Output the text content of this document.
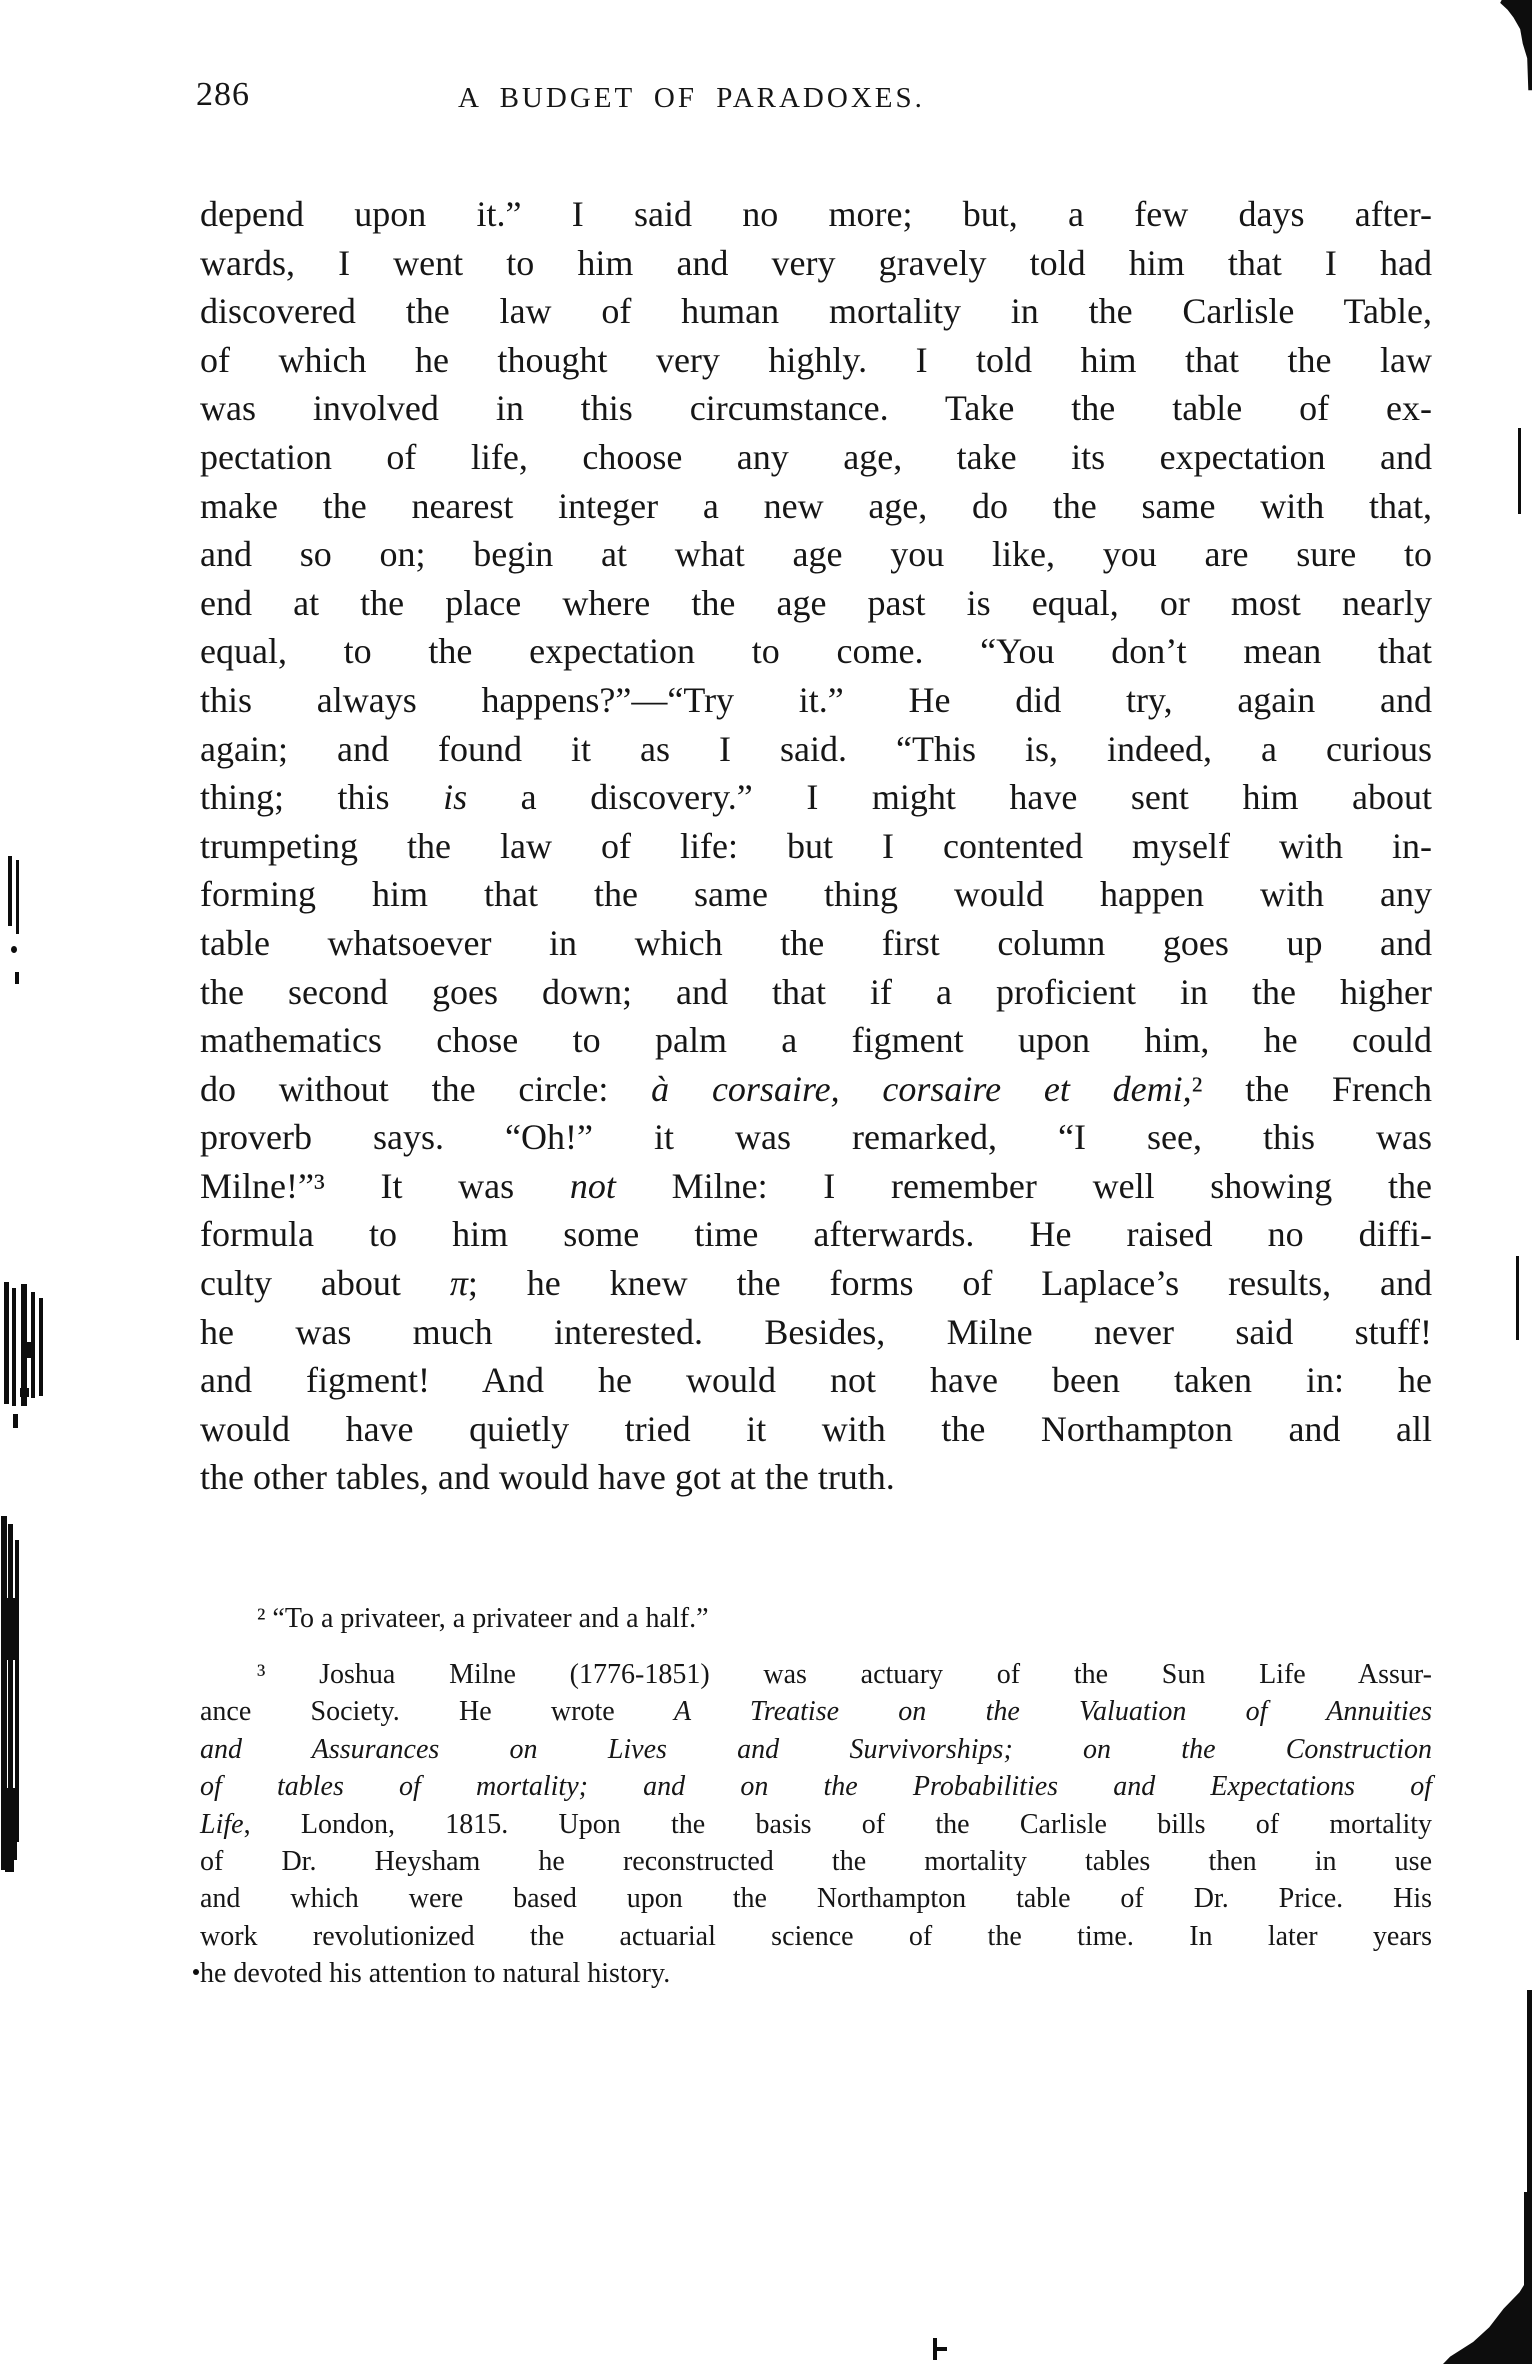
286	A BUDGET OF PARADOXES.
depend upon it.” I said no more; but, a few days after-
wards, I went to him and very gravely told him that I had
discovered the law of human mortality in the Carlisle Table,
of which he thought very highly. I told him that the law
was involved in this circumstance. Take the table of ex-
pectation of life, choose any age, take its expectation and
make the nearest integer a new age, do the same with that,
and so on; begin at what age you like, you are sure to
end at the place where the age past is equal, or most nearly
equal, to the expectation to come. “You don’t mean that
this always happens?”—“Try it.” He did try, again and
again; and found it as I said. “This is, indeed, a curious
thing; this is a discovery.” I might have sent him about
trumpeting the law of life: but I contented myself with in-
forming him that the same thing would happen with any
table whatsoever in which the first column goes up and
the second goes down; and that if a proficient in the higher
mathematics chose to palm a figment upon him, he could
do without the circle: à corsaire, corsaire et demi,² the French
proverb says. “Oh!” it was remarked, “I see, this was
Milne!”³ It was not Milne: I remember well showing the
formula to him some time afterwards. He raised no diffi-
culty about π; he knew the forms of Laplace’s results, and
he was much interested. Besides, Milne never said stuff!
and figment! And he would not have been taken in: he
would have quietly tried it with the Northampton and all
the other tables, and would have got at the truth.
² “To a privateer, a privateer and a half.”
³ Joshua Milne (1776-1851) was actuary of the Sun Life Assur-
ance Society. He wrote A Treatise on the Valuation of Annuities
and Assurances on Lives and Survivorships; on the Construction
of tables of mortality; and on the Probabilities and Expectations of
Life, London, 1815. Upon the basis of the Carlisle bills of mortality
of Dr. Heysham he reconstructed the mortality tables then in use
and which were based upon the Northampton table of Dr. Price. His
work revolutionized the actuarial science of the time. In later years
he devoted his attention to natural history.
